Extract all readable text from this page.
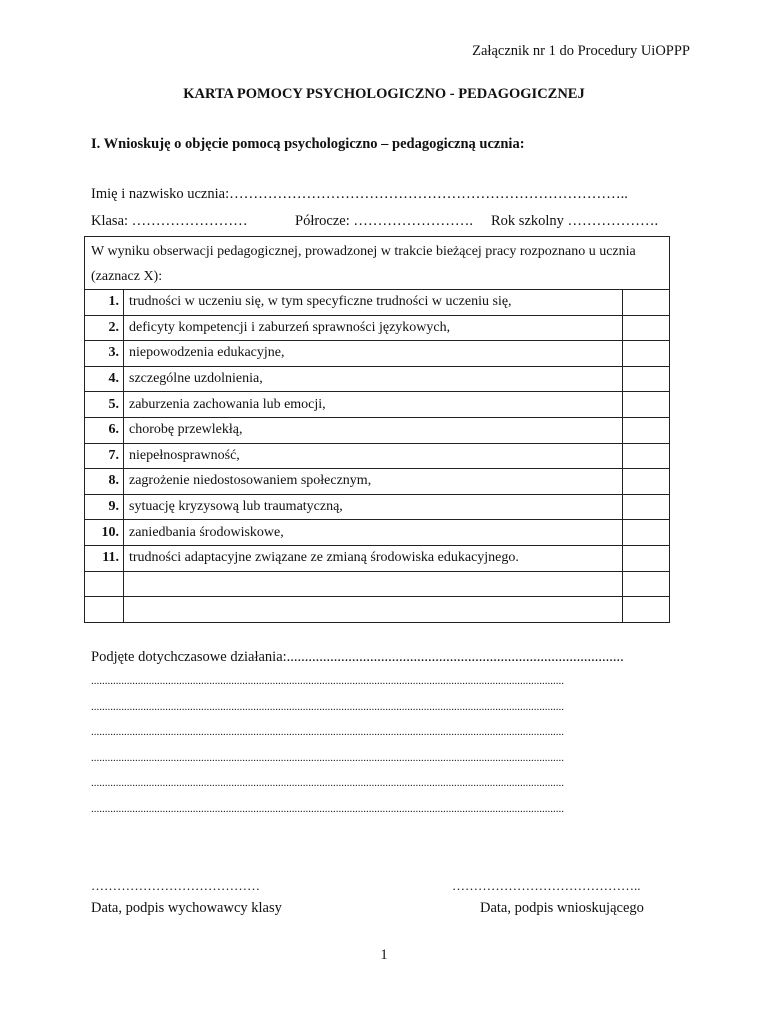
Załącznik nr 1 do Procedury UiOPPP
KARTA POMOCY PSYCHOLOGICZNO - PEDAGOGICZNEJ
I. Wnioskuję o objęcie pomocą psychologiczno – pedagogiczną ucznia:
Imię i nazwisko ucznia:………………………………………………………………………..
Klasa: ……………………	Półrocze: ……………………. Rok szkolny ……………….
W wyniku obserwacji pedagogicznej, prowadzonej w trakcie bieżącej pracy rozpoznano u ucznia (zaznacz X):		
1.	trudności w uczeniu się, w tym specyficzne trudności w uczeniu się,	
2.	deficyty kompetencji i zaburzeń sprawności językowych,	
3.	niepowodzenia edukacyjne,	
4.	szczególne uzdolnienia,	
5.	zaburzenia zachowania lub emocji,	
6.	chorobę przewlekłą,	
7.	niepełnosprawność,	
8.	zagrożenie niedostosowaniem społecznym,	
9.	sytuację kryzysową lub traumatyczną,	
10.	zaniedbania środowiskowe,	
11.	trudności adaptacyjne związane ze zmianą środowiska edukacyjnego.	

Podjęte dotychczasowe działania:.............................................................................................
............................................................................................................................................................................
............................................................................................................................................................................
............................................................................................................................................................................
............................................................................................................................................................................
............................................................................................................................................................................
............................................................................................................................................................................
…………………………………	……………………………………..
Data, podpis wychowawcy klasy	Data, podpis wnioskującego
1
